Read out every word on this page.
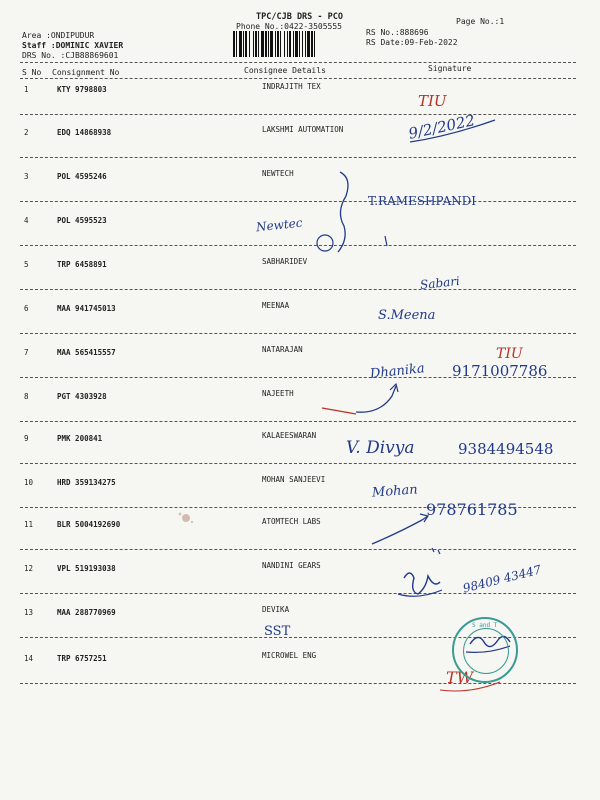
TPC/CJB DRS - PCO
Phone No.:0422-3505555
Page No.:1
RS No.:888696
RS Date:09-Feb-2022
Area :ONDIPUDUR
Staff :DOMINIC XAVIER
DRS No. :CJB88869601
S No Consignment No	Consignee Details	Signature
1	KTY 9798803	INDRAJITH TEX
2	EDQ 14868938	LAKSHMI AUTOMATION
3	POL 4595246	NEWTECH
4	POL 4595523
5	TRP 6458891	SABHARIDEV
6	MAA 941745013	MEENAA
7	MAA 565415557	NATARAJAN
8	PGT 4303928	NAJEETH
9	PMK 200841	KALAEESWARAN
10	HRD 359134275	MOHAN SANJEEVI
11	BLR 5004192690	ATOMTECH LABS
12	VPL 519193038	NANDINI GEARS
13	MAA 288770969	DEVIKA
14	TRP 6757251	MICROWEL ENG
TIU
9/2/2022
T.RAMESHPANDI
Newtec
Sabari
S.Meena
TIU
Dhanika 9171007786
V. Divya	9384494548
Mohan
978761785
98409 43447
SST
TW
S and T
